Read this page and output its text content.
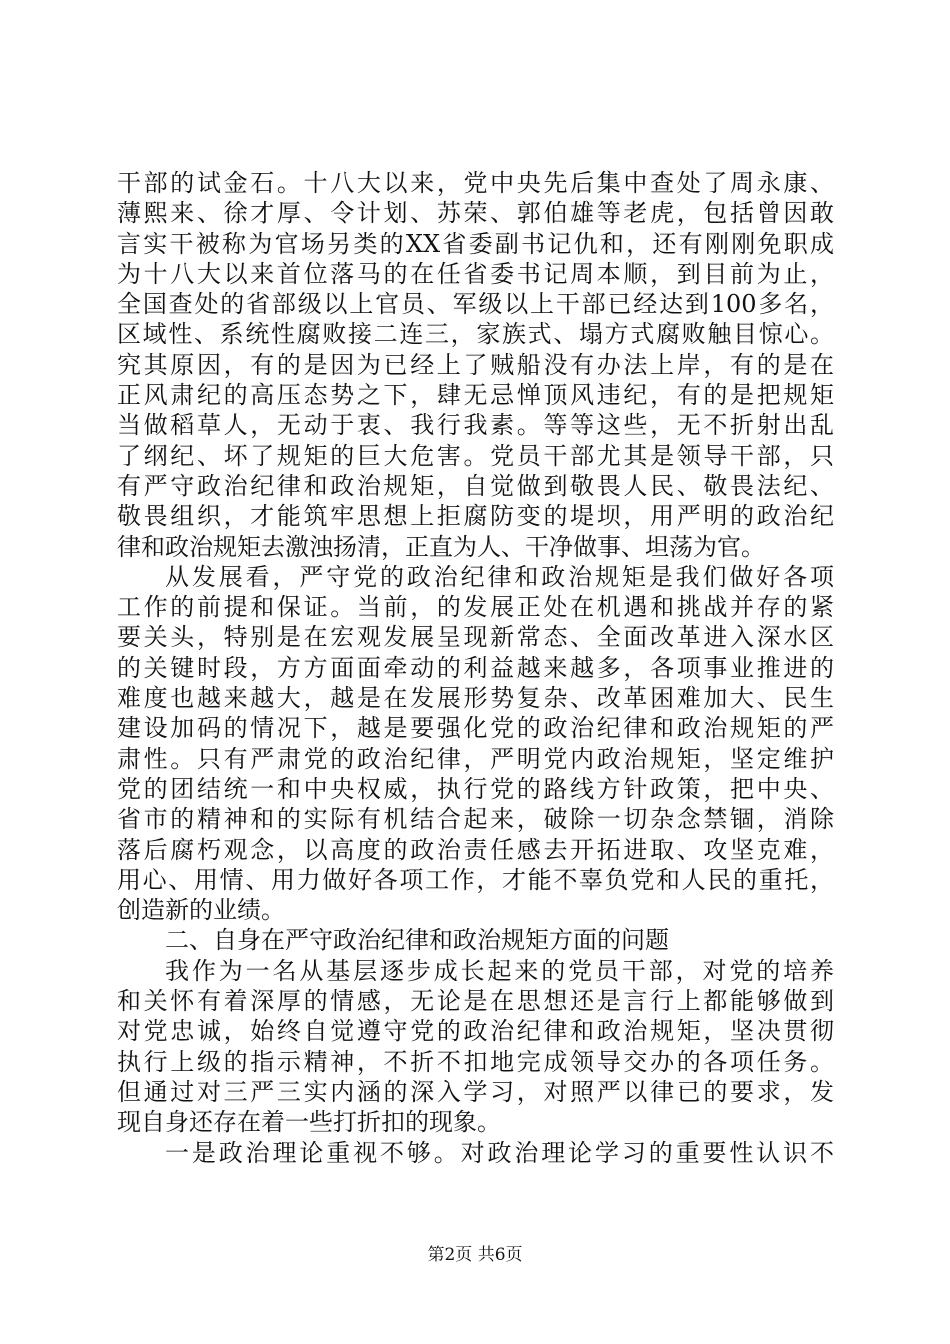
干部的试金石。十八大以来，党中央先后集中查处了周永康、
薄熙来、徐才厚、令计划、苏荣、郭伯雄等老虎，包括曾因敢
言实干被称为官场另类的XX省委副书记仇和，还有刚刚免职成
为十八大以来首位落马的在任省委书记周本顺，到目前为止，
全国查处的省部级以上官员、军级以上干部已经达到100多名，
区域性、系统性腐败接二连三，家族式、塌方式腐败触目惊心。
究其原因，有的是因为已经上了贼船没有办法上岸，有的是在
正风肃纪的高压态势之下，肆无忌惮顶风违纪，有的是把规矩
当做稻草人，无动于衷、我行我素。等等这些，无不折射出乱
了纲纪、坏了规矩的巨大危害。党员干部尤其是领导干部，只
有严守政治纪律和政治规矩，自觉做到敬畏人民、敬畏法纪、
敬畏组织，才能筑牢思想上拒腐防变的堤坝，用严明的政治纪
律和政治规矩去激浊扬清，正直为人、干净做事、坦荡为官。
从发展看，严守党的政治纪律和政治规矩是我们做好各项
工作的前提和保证。当前，的发展正处在机遇和挑战并存的紧
要关头，特别是在宏观发展呈现新常态、全面改革进入深水区
的关键时段，方方面面牵动的利益越来越多，各项事业推进的
难度也越来越大，越是在发展形势复杂、改革困难加大、民生
建设加码的情况下，越是要强化党的政治纪律和政治规矩的严
肃性。只有严肃党的政治纪律，严明党内政治规矩，坚定维护
党的团结统一和中央权威，执行党的路线方针政策，把中央、
省市的精神和的实际有机结合起来，破除一切杂念禁锢，消除
落后腐朽观念，以高度的政治责任感去开拓进取、攻坚克难，
用心、用情、用力做好各项工作，才能不辜负党和人民的重托，
创造新的业绩。
二、自身在严守政治纪律和政治规矩方面的问题
我作为一名从基层逐步成长起来的党员干部，对党的培养
和关怀有着深厚的情感，无论是在思想还是言行上都能够做到
对党忠诚，始终自觉遵守党的政治纪律和政治规矩，坚决贯彻
执行上级的指示精神，不折不扣地完成领导交办的各项任务。
但通过对三严三实内涵的深入学习，对照严以律已的要求，发
现自身还存在着一些打折扣的现象。
一是政治理论重视不够。对政治理论学习的重要性认识不
第2页 共6页
